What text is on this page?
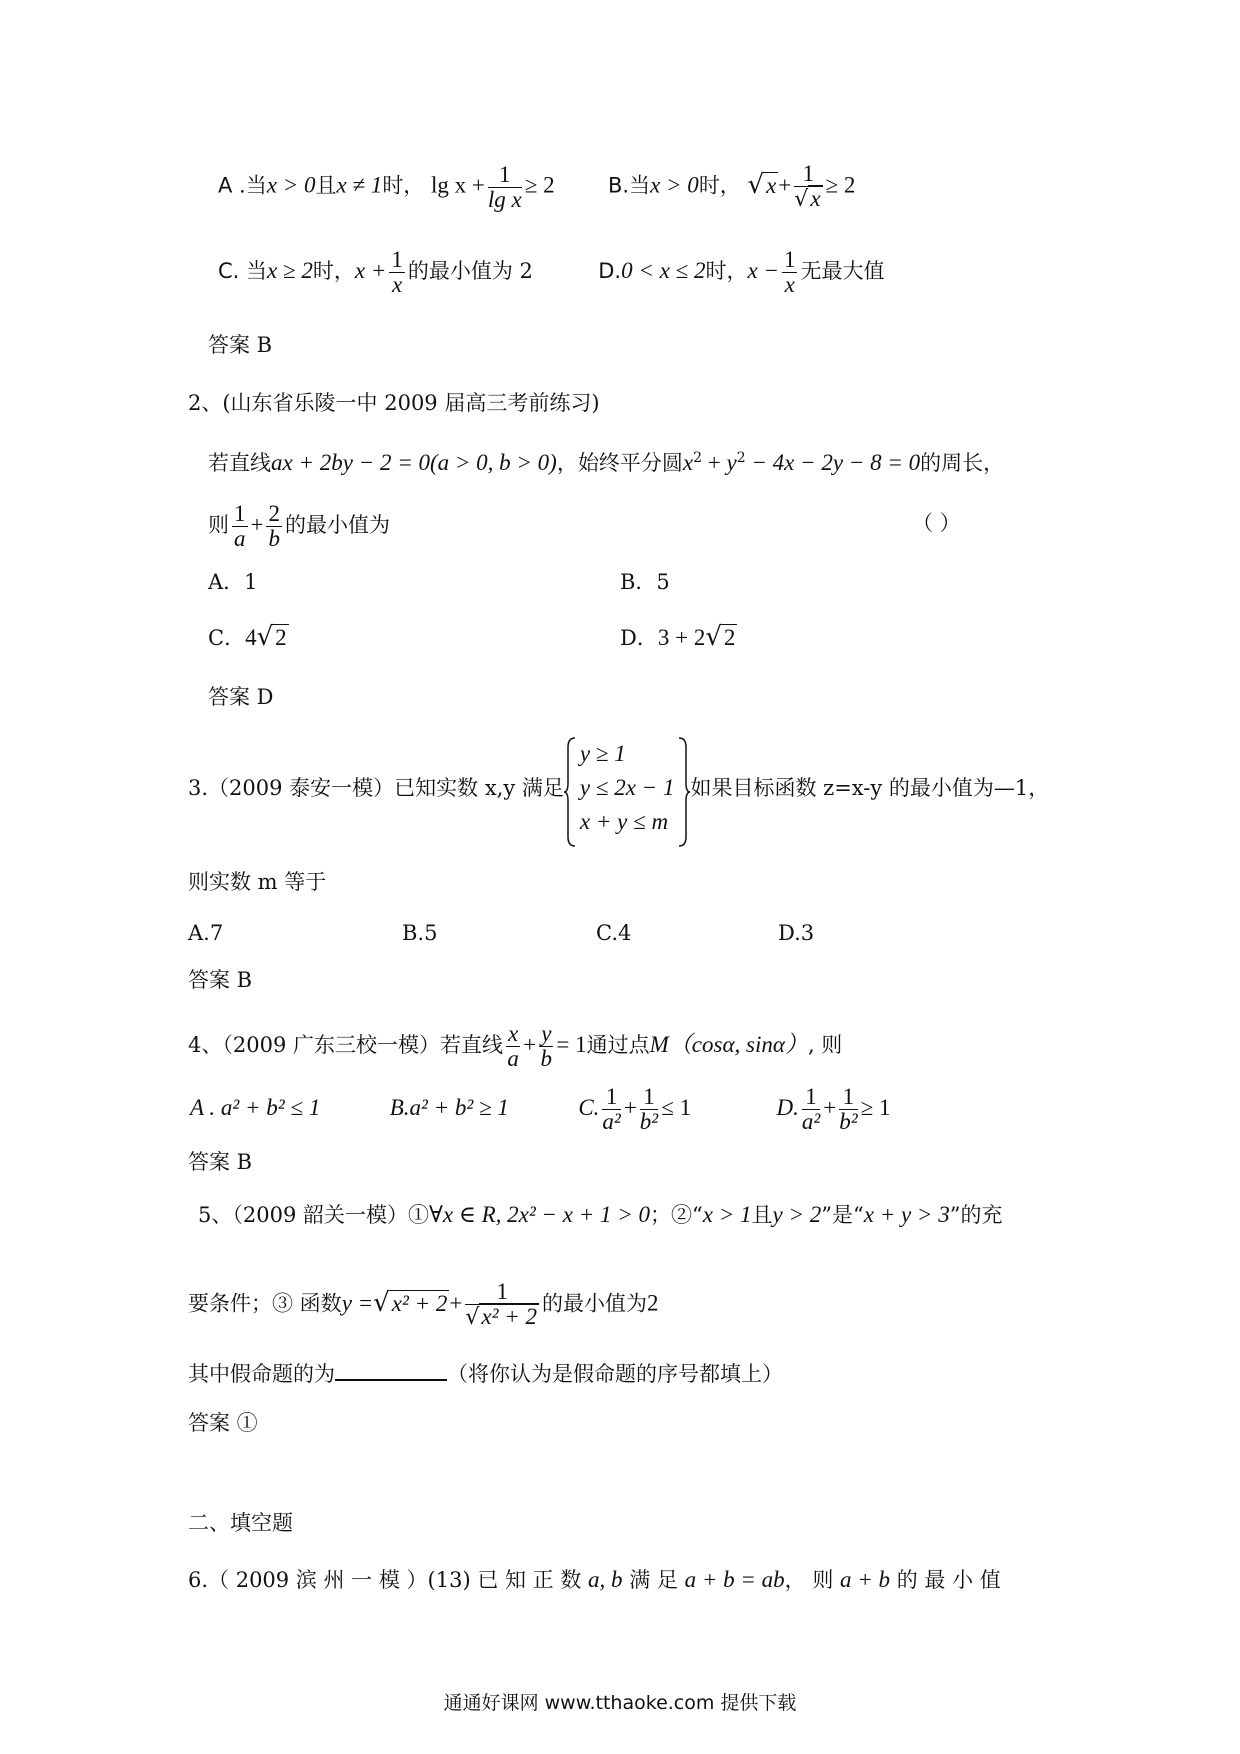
A .当x > 0且x ≠ 1时， $\lg x + \frac{1}{\text{lg x}} \ge 2$	B.当x > 0时， $√x+ \frac{1}{√x} \ge 2$
C. 当x ≥ 2时，$x + \frac{1}{x}$ 的最小值为 2	D.0 < x ≤ 2时，$x - \frac{1}{x}$ 无最大值
答案 B
2、(山东省乐陵一中 2009 届高三考前练习)
若直线ax + 2by − 2 = 0(a > 0, b > 0)，始终平分圆$x^2 + y^2 - 4x - 2y - 8 = 0$的周长，
则 $\frac{1}{a} + \frac{2}{b}$ 的最小值为	（ ）
A．1	B．5
C．4√2	D．3 + 2√2
答案 D
3.（2009 泰安一模）已知实数 x,y 满足
y ≥ 1
y ≤ 2x − 1
x + y ≤ m
如果目标函数 z=x-y 的最小值为—1，
则实数 m 等于
A.7	B.5	C.4	D.3
答案 B
4、（2009 广东三校一模）若直线 $\frac{x}{a} + \frac{y}{b} = 1$通过点M（cosα, sinα）, 则
A . a² + b² ≤ 1	B.a² + b² ≥ 1	C. $\frac{1}{\text{a²}} + \frac{1}{\text{b²}} \le 1$	D. $\frac{1}{\text{a²}} + \frac{1}{\text{b²}} \ge 1$
答案 B
5、（2009 韶关一模）①∀x ∈ R, 2x² − x + 1 > 0；②“x > 1且y > 2”是“x + y > 3”的充
要条件；③ 函数$y =√x^2 + 2+ \frac{1}{\text{√x² + 2}}$ 的最小值为2
其中假命题的为	（将你认为是假命题的序号都填上）
答案 ①
二、填空题
6.（ 2009 滨 州 一 模 ）(13) 已 知 正 数 a, b 满 足 a + b = ab， 则 a + b 的 最 小 值
通通好课网 www.tthaoke.com 提供下载
